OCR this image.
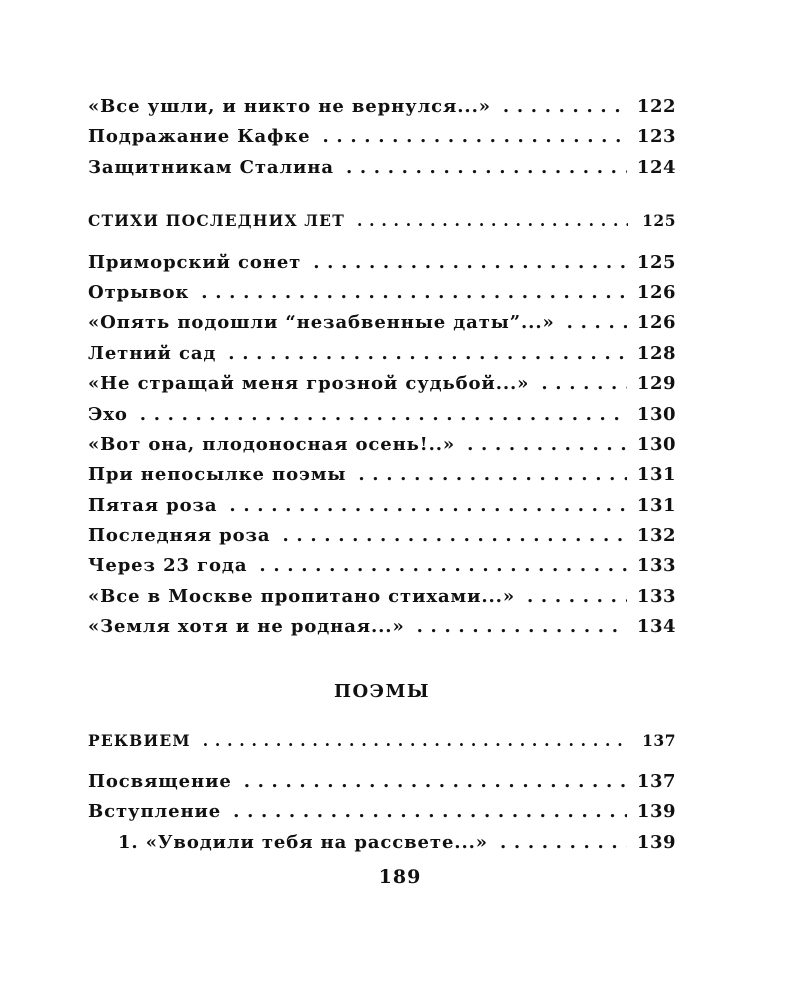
«Все ушли, и никто не вернулся...» . . .	122
Подражание Кафке . . .	123
Защитникам Сталина . . .	124
СТИХИ ПОСЛЕДНИХ ЛЕТ . . .	125
Приморский сонет . . .	125
Отрывок . . .	126
«Опять подошли “незабвенные даты”...» . . .	126
Летний сад . . .	128
«Не стращай меня грозной судьбой...» . . .	129
Эхо . . .	130
«Вот она, плодоносная осень!..» . . .	130
При непосылке поэмы . . .	131
Пятая роза . . .	131
Последняя роза . . .	132
Через 23 года . . .	133
«Все в Москве пропитано стихами...» . . .	133
«Земля хотя и не родная...» . . .	134
ПОЭМЫ
РЕКВИЕМ . . .	137
Посвящение . . .	137
Вступление . . .	139
1. «Уводили тебя на рассвете...» . . .	139
189
